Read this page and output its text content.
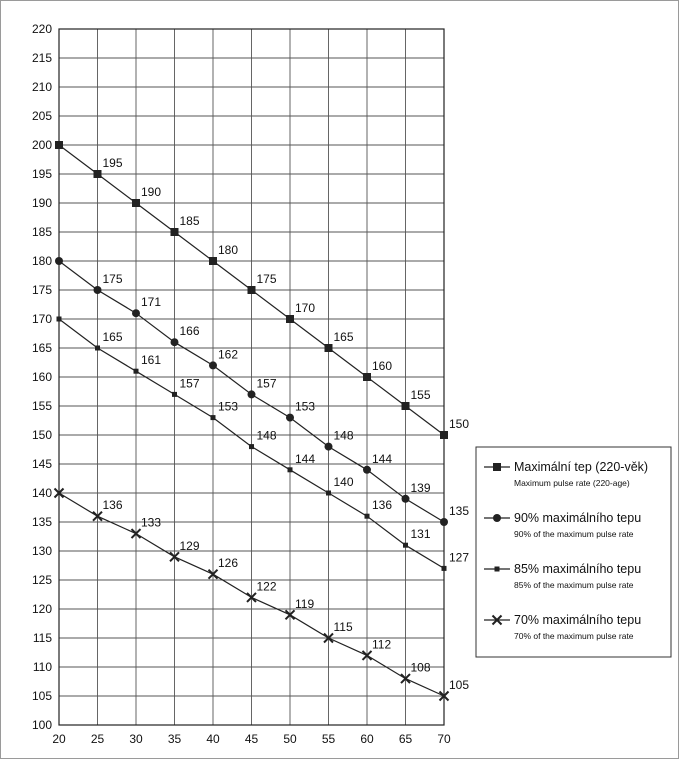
100
105
110
115
120
125
130
135
140
145
150
155
160
165
170
175
180
185
190
195
200
205
210
215
220
20 25 30 35 40 45 50 55 60 65 70
195
190
185
180
175
170
165
160
155
150
175
171
166
162
157
153
148
144
139
135
165
161
157
153
148
144
140
136
131
127
136
133
129
126
122
119
115
112
108
105
Maximální tep (220-věk)
Maximum pulse rate (220-age)
90% maximálního tepu
90% of the maximum pulse rate
85% maximálního tepu
85% of the maximum pulse rate
70% maximálního tepu
70% of the maximum pulse rate
